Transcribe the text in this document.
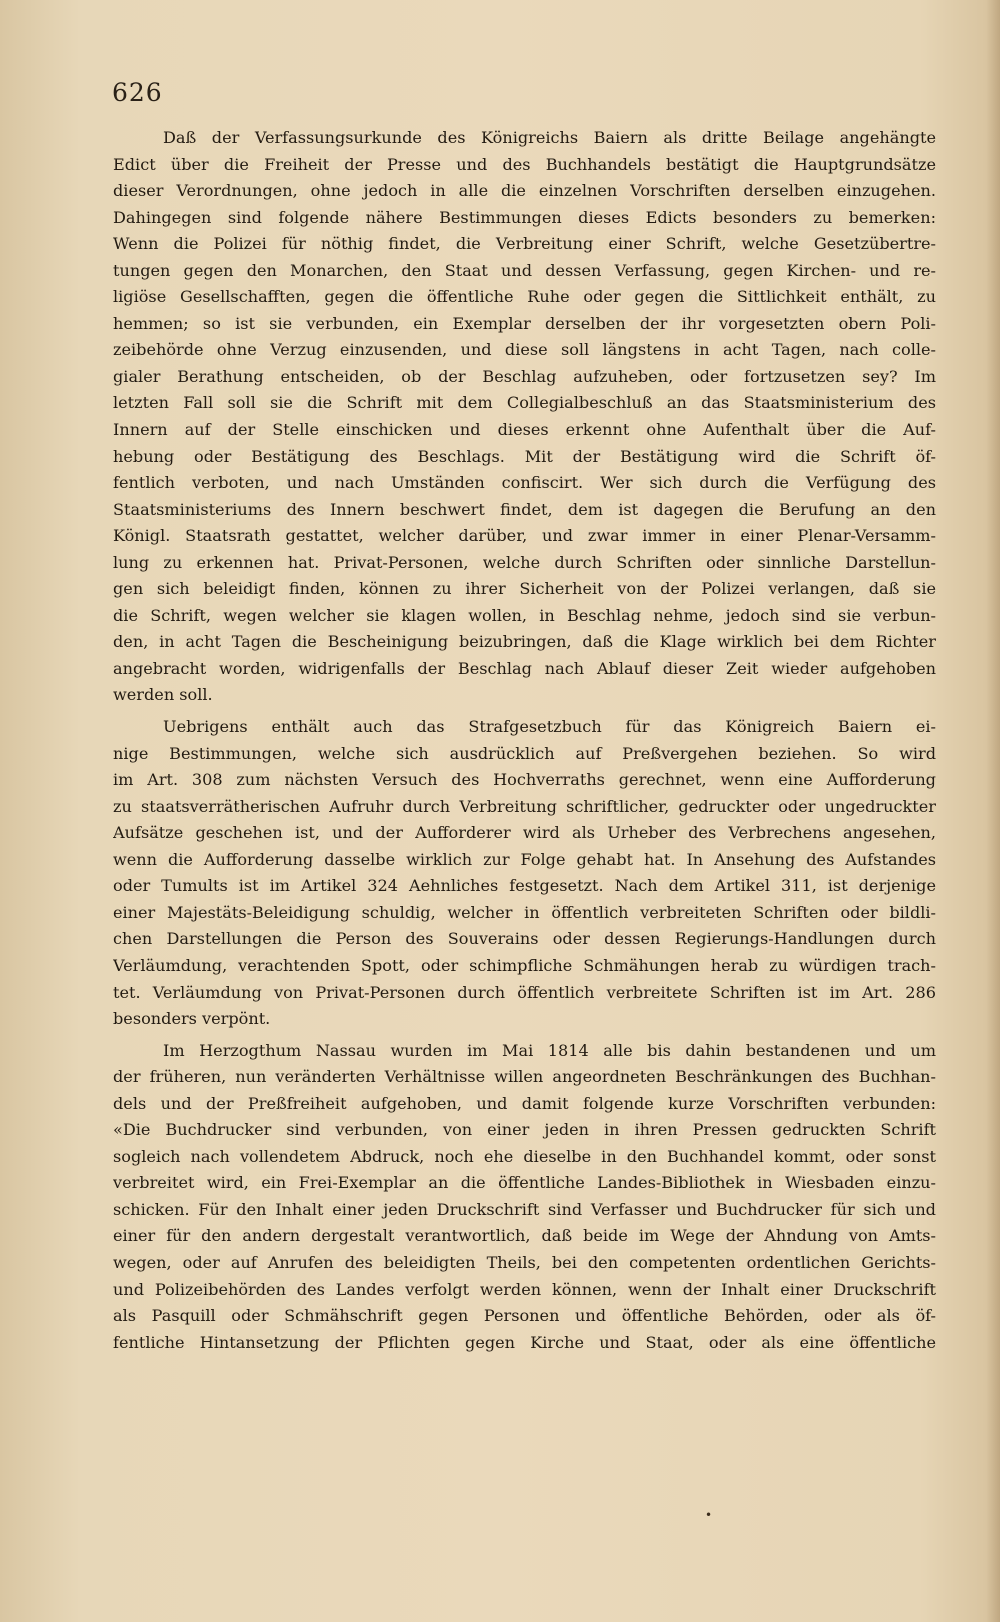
626

Daß der Verfassungsurkunde des Königreichs Baiern als dritte Beilage angehängte
Edict über die Freiheit der Presse und des Buchhandels bestätigt die Hauptgrundsätze
dieser Verordnungen, ohne jedoch in alle die einzelnen Vorschriften derselben einzugehen.
Dahingegen sind folgende nähere Bestimmungen dieses Edicts besonders zu bemerken:
Wenn die Polizei für nöthig findet, die Verbreitung einer Schrift, welche Gesetzübertre-
tungen gegen den Monarchen, den Staat und dessen Verfassung, gegen Kirchen- und re-
ligiöse Gesellschafften, gegen die öffentliche Ruhe oder gegen die Sittlichkeit enthält, zu
hemmen; so ist sie verbunden, ein Exemplar derselben der ihr vorgesetzten obern Poli-
zeibehörde ohne Verzug einzusenden, und diese soll längstens in acht Tagen, nach colle-
gialer Berathung entscheiden, ob der Beschlag aufzuheben, oder fortzusetzen sey? Im
letzten Fall soll sie die Schrift mit dem Collegialbeschluß an das Staatsministerium des
Innern auf der Stelle einschicken und dieses erkennt ohne Aufenthalt über die Auf-
hebung oder Bestätigung des Beschlags. Mit der Bestätigung wird die Schrift öf-
fentlich verboten, und nach Umständen confiscirt. Wer sich durch die Verfügung des
Staatsministeriums des Innern beschwert findet, dem ist dagegen die Berufung an den
Königl. Staatsrath gestattet, welcher darüber, und zwar immer in einer Plenar-Versamm-
lung zu erkennen hat. Privat-Personen, welche durch Schriften oder sinnliche Darstellun-
gen sich beleidigt finden, können zu ihrer Sicherheit von der Polizei verlangen, daß sie
die Schrift, wegen welcher sie klagen wollen, in Beschlag nehme, jedoch sind sie verbun-
den, in acht Tagen die Bescheinigung beizubringen, daß die Klage wirklich bei dem Richter
angebracht worden, widrigenfalls der Beschlag nach Ablauf dieser Zeit wieder aufgehoben
werden soll.

Uebrigens enthält auch das Strafgesetzbuch für das Königreich Baiern ei-
nige Bestimmungen, welche sich ausdrücklich auf Preßvergehen beziehen. So wird
im Art. 308 zum nächsten Versuch des Hochverraths gerechnet, wenn eine Aufforderung
zu staatsverrätherischen Aufruhr durch Verbreitung schriftlicher, gedruckter oder ungedruckter
Aufsätze geschehen ist, und der Aufforderer wird als Urheber des Verbrechens angesehen,
wenn die Aufforderung dasselbe wirklich zur Folge gehabt hat. In Ansehung des Aufstandes
oder Tumults ist im Artikel 324 Aehnliches festgesetzt. Nach dem Artikel 311, ist derjenige
einer Majestäts-Beleidigung schuldig, welcher in öffentlich verbreiteten Schriften oder bildli-
chen Darstellungen die Person des Souverains oder dessen Regierungs-Handlungen durch
Verläumdung, verachtenden Spott, oder schimpfliche Schmähungen herab zu würdigen trach-
tet. Verläumdung von Privat-Personen durch öffentlich verbreitete Schriften ist im Art. 286
besonders verpönt.

Im Herzogthum Nassau wurden im Mai 1814 alle bis dahin bestandenen und um
der früheren, nun veränderten Verhältnisse willen angeordneten Beschränkungen des Buchhan-
dels und der Preßfreiheit aufgehoben, und damit folgende kurze Vorschriften verbunden:
«Die Buchdrucker sind verbunden, von einer jeden in ihren Pressen gedruckten Schrift
sogleich nach vollendetem Abdruck, noch ehe dieselbe in den Buchhandel kommt, oder sonst
verbreitet wird, ein Frei-Exemplar an die öffentliche Landes-Bibliothek in Wiesbaden einzu-
schicken. Für den Inhalt einer jeden Druckschrift sind Verfasser und Buchdrucker für sich und
einer für den andern dergestalt verantwortlich, daß beide im Wege der Ahndung von Amts-
wegen, oder auf Anrufen des beleidigten Theils, bei den competenten ordentlichen Gerichts-
und Polizeibehörden des Landes verfolgt werden können, wenn der Inhalt einer Druckschrift
als Pasquill oder Schmähschrift gegen Personen und öffentliche Behörden, oder als öf-
fentliche Hintansetzung der Pflichten gegen Kirche und Staat, oder als eine öffentliche

•
